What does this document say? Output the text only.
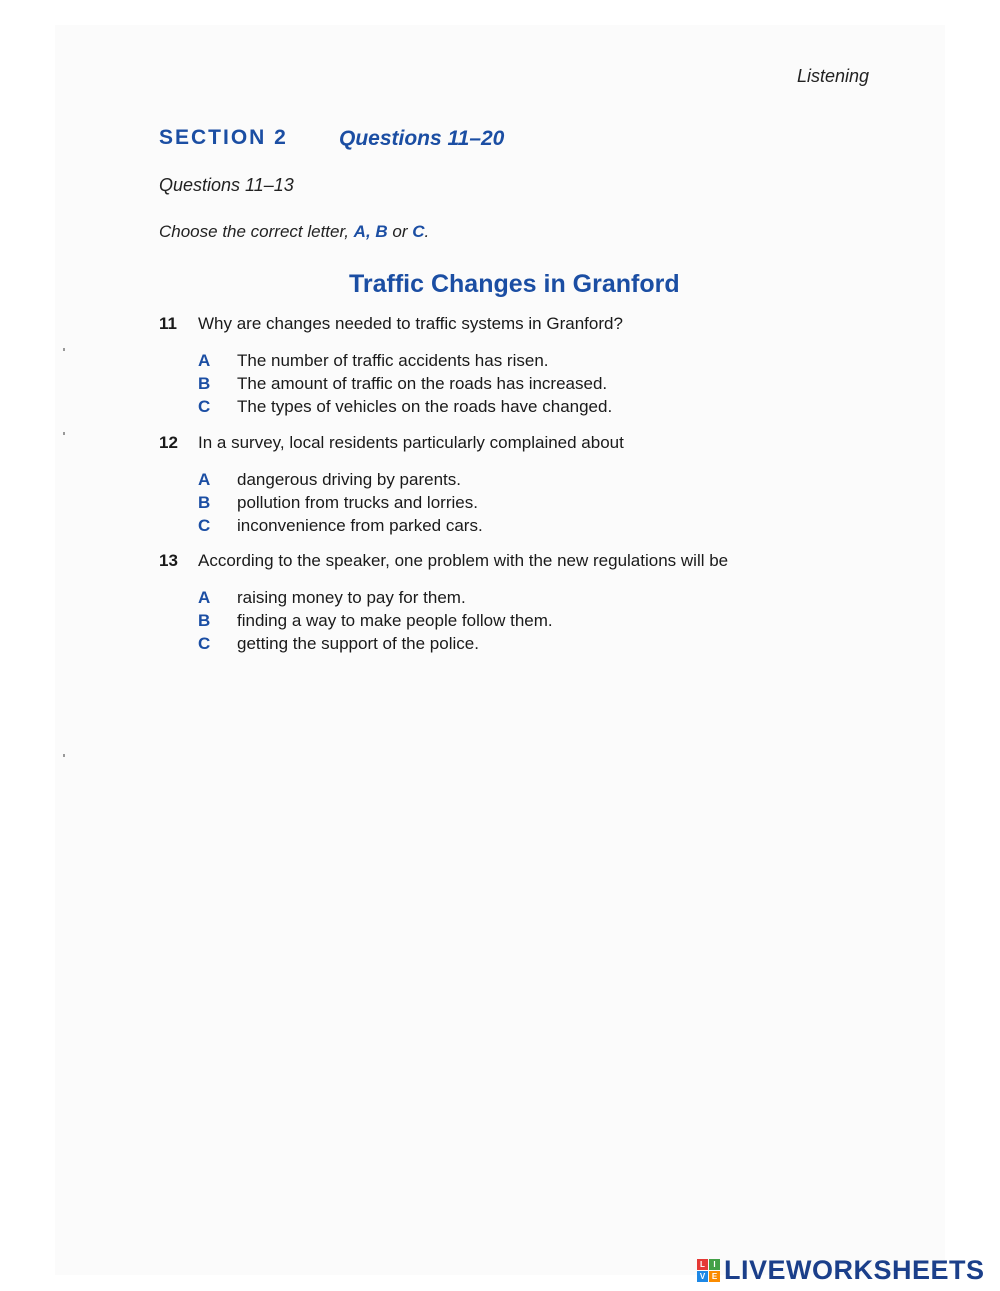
Listening
SECTION 2 Questions 11–20
Questions 11–13
Choose the correct letter, A, B or C.
Traffic Changes in Granford
11 Why are changes needed to traffic systems in Granford?
A The number of traffic accidents has risen.
B The amount of traffic on the roads has increased.
C The types of vehicles on the roads have changed.
12 In a survey, local residents particularly complained about
A dangerous driving by parents.
B pollution from trucks and lorries.
C inconvenience from parked cars.
13 According to the speaker, one problem with the new regulations will be
A raising money to pay for them.
B finding a way to make people follow them.
C getting the support of the police.
L	I
V E LIVEWORKSHEETS
